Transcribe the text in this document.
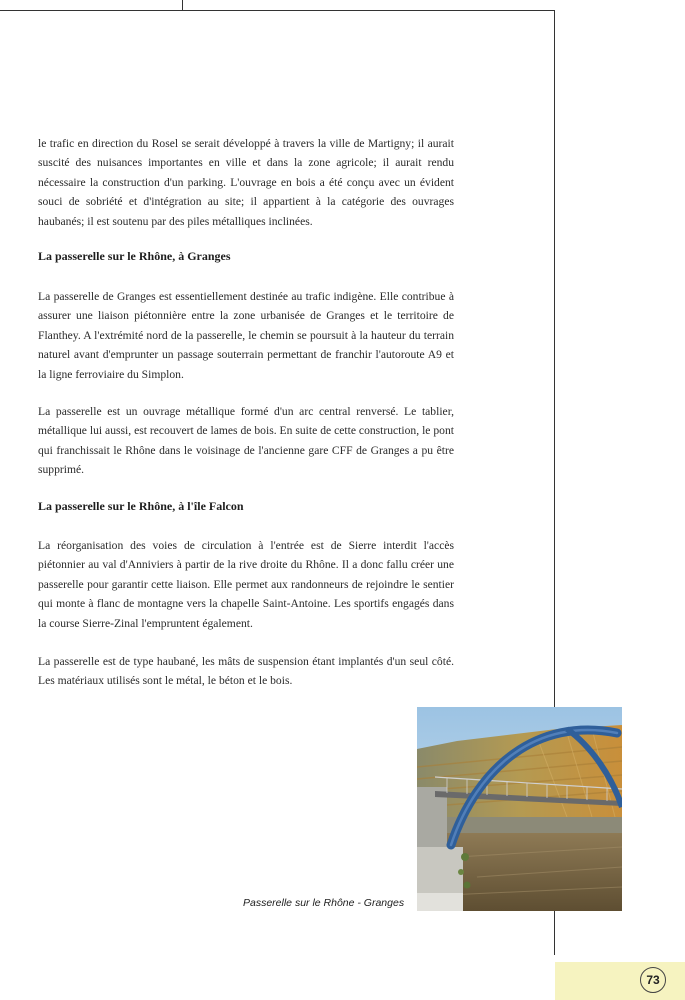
le trafic en direction du Rosel se serait développé à travers la ville de Martigny; il aurait suscité des nuisances importantes en ville et dans la zone agricole; il aurait rendu nécessaire la construction d'un parking. L'ouvrage en bois a été conçu avec un évident souci de sobriété et d'intégration au site; il appartient à la catégorie des ouvrages haubanés; il est soutenu par des piles métalliques inclinées.
La passerelle sur le Rhône, à Granges
La passerelle de Granges est essentiellement destinée au trafic indigène. Elle contribue à assurer une liaison piétonnière entre la zone urbanisée de Granges et le territoire de Flanthey. A l'extrémité nord de la passerelle, le chemin se poursuit à la hauteur du terrain naturel avant d'emprunter un passage souterrain permettant de franchir l'autoroute A9 et la ligne ferroviaire du Simplon.
La passerelle est un ouvrage métallique formé d'un arc central renversé. Le tablier, métallique lui aussi, est recouvert de lames de bois. En suite de cette construction, le pont qui franchissait le Rhône dans le voisinage de l'ancienne gare CFF de Granges a pu être supprimé.
La passerelle sur le Rhône, à l'île Falcon
La réorganisation des voies de circulation à l'entrée est de Sierre interdit l'accès piétonnier au val d'Anniviers à partir de la rive droite du Rhône. Il a donc fallu créer une passerelle pour garantir cette liaison. Elle permet aux randonneurs de rejoindre le sentier qui monte à flanc de montagne vers la chapelle Saint-Antoine. Les sportifs engagés dans la course Sierre-Zinal l'empruntent également.
La passerelle est de type haubané, les mâts de suspension étant implantés d'un seul côté. Les matériaux utilisés sont le métal, le béton et le bois.
Passerelle sur le Rhône - Granges
73
